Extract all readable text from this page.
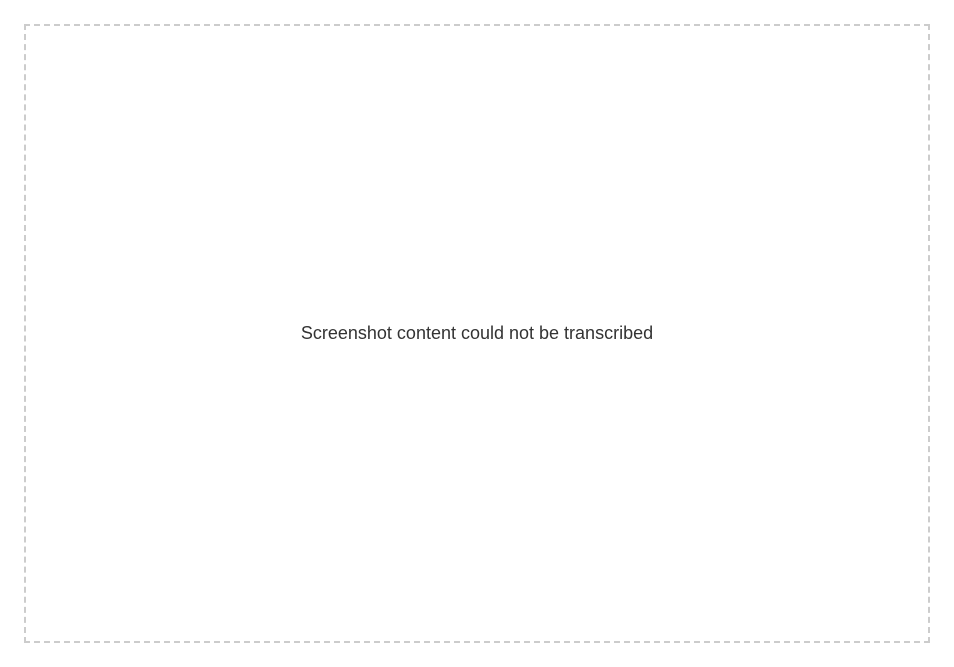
Screenshot content could not be transcribed
